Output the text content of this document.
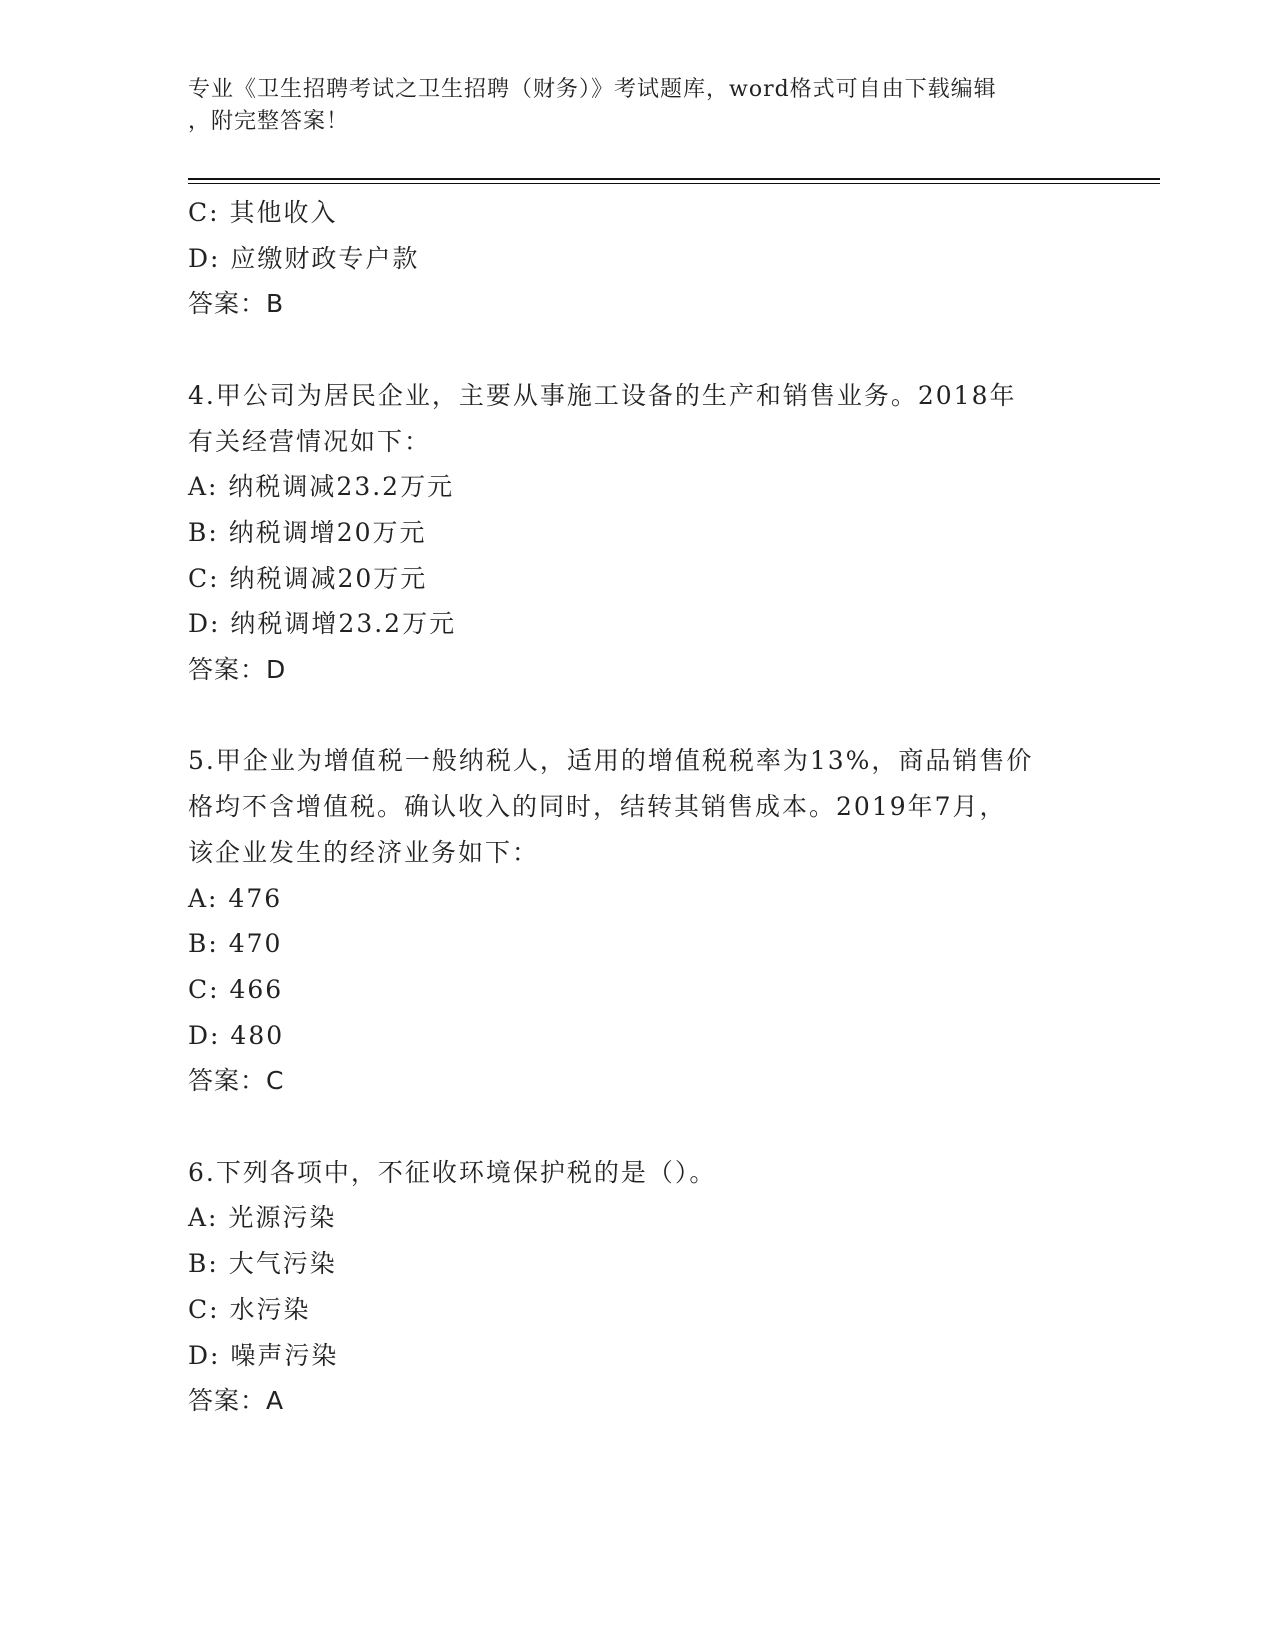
专业《卫生招聘考试之卫生招聘（财务）》考试题库，word格式可自由下载编辑
，附完整答案！
C: 其他收入
D: 应缴财政专户款
答案：B
4.甲公司为居民企业，主要从事施工设备的生产和销售业务。2018年
有关经营情况如下：
A: 纳税调减23.2万元
B: 纳税调增20万元
C: 纳税调减20万元
D: 纳税调增23.2万元
答案：D
5.甲企业为增值税一般纳税人，适用的增值税税率为13%，商品销售价
格均不含增值税。确认收入的同时，结转其销售成本。2019年7月，
该企业发生的经济业务如下：
A: 476
B: 470
C: 466
D: 480
答案：C
6.下列各项中，不征收环境保护税的是（）。
A: 光源污染
B: 大气污染
C: 水污染
D: 噪声污染
答案：A
